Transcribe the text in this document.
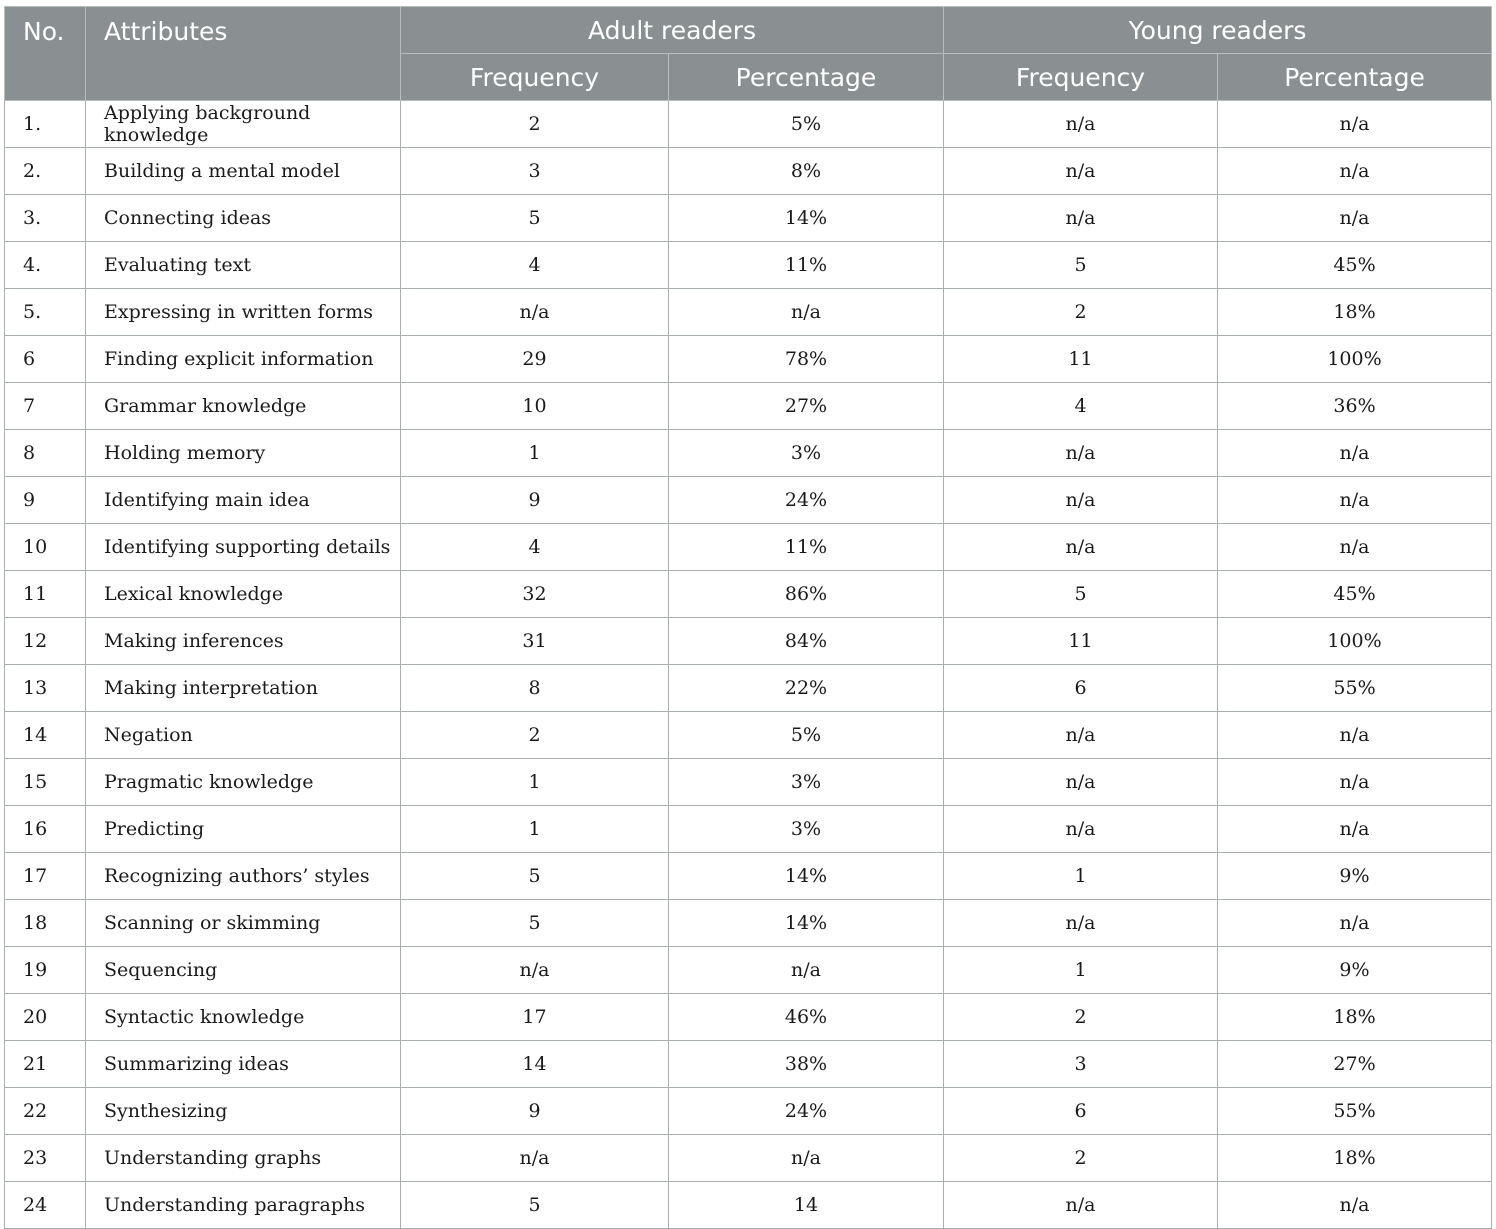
No.	Attributes	Adult readers		Young readers	
		Frequency	Percentage	Frequency	Percentage
1.	Applying background knowledge	2	5%	n/a	n/a
2.	Building a mental model	3	8%	n/a	n/a
3.	Connecting ideas	5	14%	n/a	n/a
4.	Evaluating text	4	11%	5	45%
5.	Expressing in written forms	n/a	n/a	2	18%
6	Finding explicit information	29	78%	11	100%
7	Grammar knowledge	10	27%	4	36%
8	Holding memory	1	3%	n/a	n/a
9	Identifying main idea	9	24%	n/a	n/a
10	Identifying supporting details	4	11%	n/a	n/a
11	Lexical knowledge	32	86%	5	45%
12	Making inferences	31	84%	11	100%
13	Making interpretation	8	22%	6	55%
14	Negation	2	5%	n/a	n/a
15	Pragmatic knowledge	1	3%	n/a	n/a
16	Predicting	1	3%	n/a	n/a
17	Recognizing authors’ styles	5	14%	1	9%
18	Scanning or skimming	5	14%	n/a	n/a
19	Sequencing	n/a	n/a	1	9%
20	Syntactic knowledge	17	46%	2	18%
21	Summarizing ideas	14	38%	3	27%
22	Synthesizing	9	24%	6	55%
23	Understanding graphs	n/a	n/a	2	18%
24	Understanding paragraphs	5	14	n/a	n/a
